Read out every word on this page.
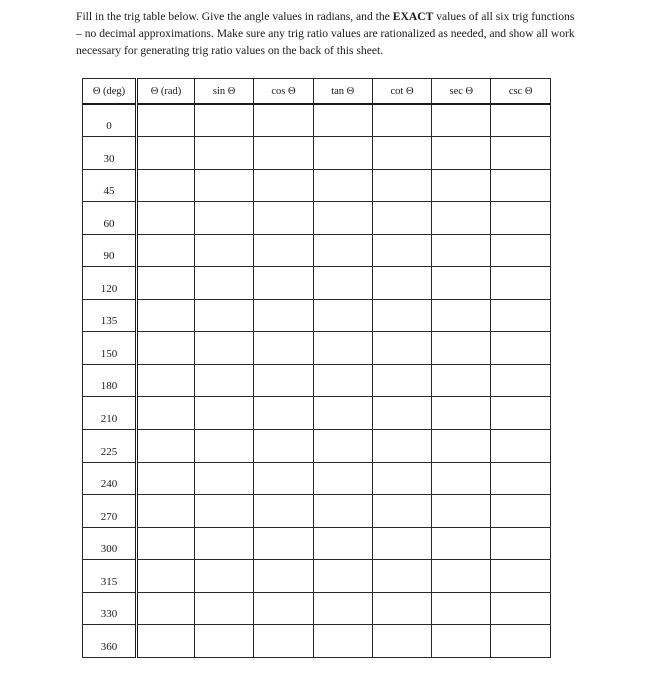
Fill in the trig table below. Give the angle values in radians, and the EXACT values of all six trig functions – no decimal approximations. Make sure any trig ratio values are rationalized as needed, and show all work necessary for generating trig ratio values on the back of this sheet.
Θ (deg)	Θ (rad)	sin Θ	cos Θ	tan Θ	cot Θ	sec Θ	csc Θ
0							
30							
45							
60							
90							
120							
135							
150							
180							
210							
225							
240							
270							
300							
315							
330							
360							
